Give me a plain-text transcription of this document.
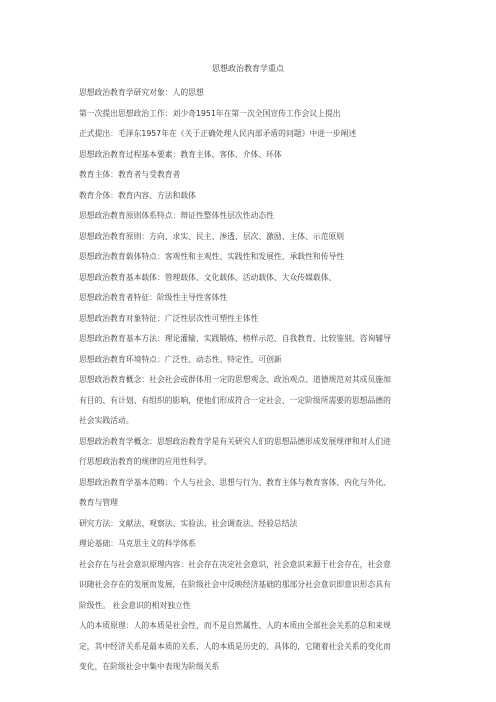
思想政治教育学重点
思想政治教育学研究对象：人的思想
第一次提出思想政治工作：刘少奇1951年在第一次全国宣传工作会议上提出
正式提出：毛泽东1957年在《关于正确处理人民内部矛盾的问题》中进一步阐述
思想政治教育过程基本要素：教育主体、客体、介体、环体
教育主体：教育者与受教育者
教育介体：教育内容、方法和载体
思想政治教育原则体系特点：辩证性整体性层次性动态性
思想政治教育原则：方向、求实、民主、渗透、层次、激励、主体、示范原则
思想政治教育载体特点：客观性和主观性、实践性和发展性、承载性和传导性
思想政治教育基本载体：管理载体、文化载体、活动载体、大众传媒载体、
思想政治教育者特征：阶级性主导性客体性
思想政治教育对象特征：广泛性层次性可塑性主体性
思想政治教育基本方法：理论灌输、实践锻炼、榜样示范、自我教育、比较鉴别、咨询辅导
思想政治教育环境特点：广泛性、动态性、特定性、可创新
思想政治教育概念：社会社会或群体用一定的思想观念、政治观点、道德规范对其成员施加
有目的、有计划、有组织的影响，使他们形成符合一定社会、一定阶级所需要的思想品德的
社会实践活动。
思想政治教育学概念：思想政治教育学是有关研究人们的思想品德形成发展规律和对人们进
行思想政治教育的规律的应用性科学。
思想政治教育学基本范畴：个人与社会、思想与行为、教育主体与教育客体、内化与外化、
教育与管理
研究方法：文献法、观察法、实验法、社会调查法、经验总结法
理论基础：马克思主义的科学体系
社会存在与社会意识原理内容：社会存在决定社会意识，社会意识来源于社会存在，社会意
识随社会存在的发展而发展，在阶级社会中反映经济基础的那部分社会意识即意识形态具有
阶级性。 社会意识的相对独立性
人的本质原理：人的本质是社会性，而不是自然属性、人的本质由全部社会关系的总和来规
定，其中经济关系是最本质的关系、人的本质是历史的、具体的，它随着社会关系的变化而
变化，在阶级社会中集中表现为阶级关系
